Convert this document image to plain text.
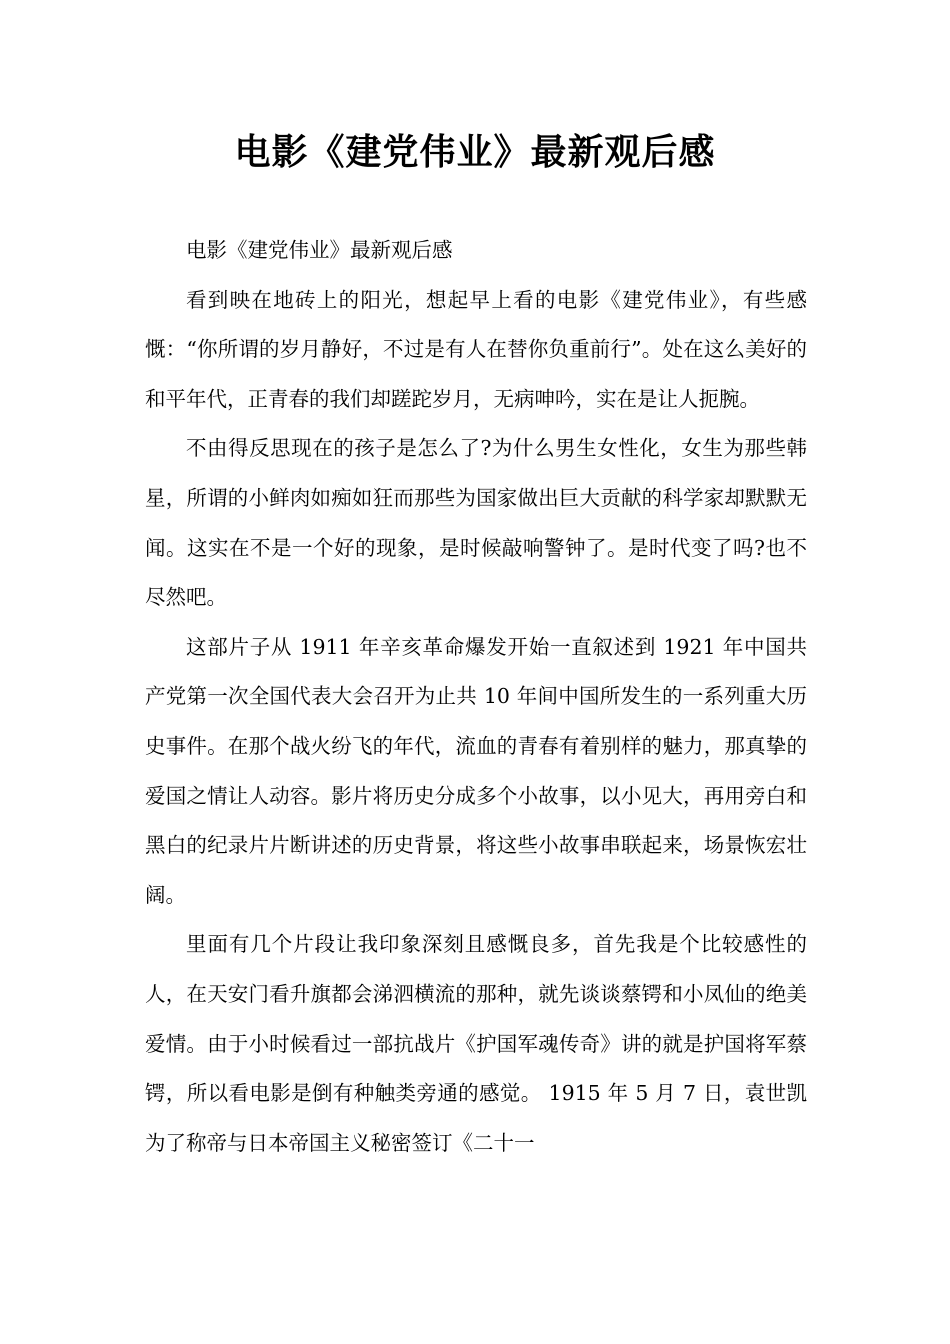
电影《建党伟业》最新观后感

电影《建党伟业》最新观后感

看到映在地砖上的阳光，想起早上看的电影《建党伟业》，有些感慨：“你所谓的岁月静好，不过是有人在替你负重前行”。处在这么美好的和平年代，正青春的我们却蹉跎岁月，无病呻吟，实在是让人扼腕。

不由得反思现在的孩子是怎么了?为什么男生女性化，女生为那些韩星，所谓的小鲜肉如痴如狂而那些为国家做出巨大贡献的科学家却默默无闻。这实在不是一个好的现象，是时候敲响警钟了。是时代变了吗?也不尽然吧。

这部片子从 1911 年辛亥革命爆发开始一直叙述到 1921 年中国共产党第一次全国代表大会召开为止共 10 年间中国所发生的一系列重大历史事件。在那个战火纷飞的年代，流血的青春有着别样的魅力，那真挚的爱国之情让人动容。影片将历史分成多个小故事，以小见大，再用旁白和黑白的纪录片片断讲述的历史背景，将这些小故事串联起来，场景恢宏壮阔。

里面有几个片段让我印象深刻且感慨良多，首先我是个比较感性的人，在天安门看升旗都会涕泗横流的那种，就先谈谈蔡锷和小凤仙的绝美爱情。由于小时候看过一部抗战片《护国军魂传奇》讲的就是护国将军蔡锷，所以看电影是倒有种触类旁通的感觉。 1915 年 5 月 7 日，袁世凯为了称帝与日本帝国主义秘密签订《二十一
